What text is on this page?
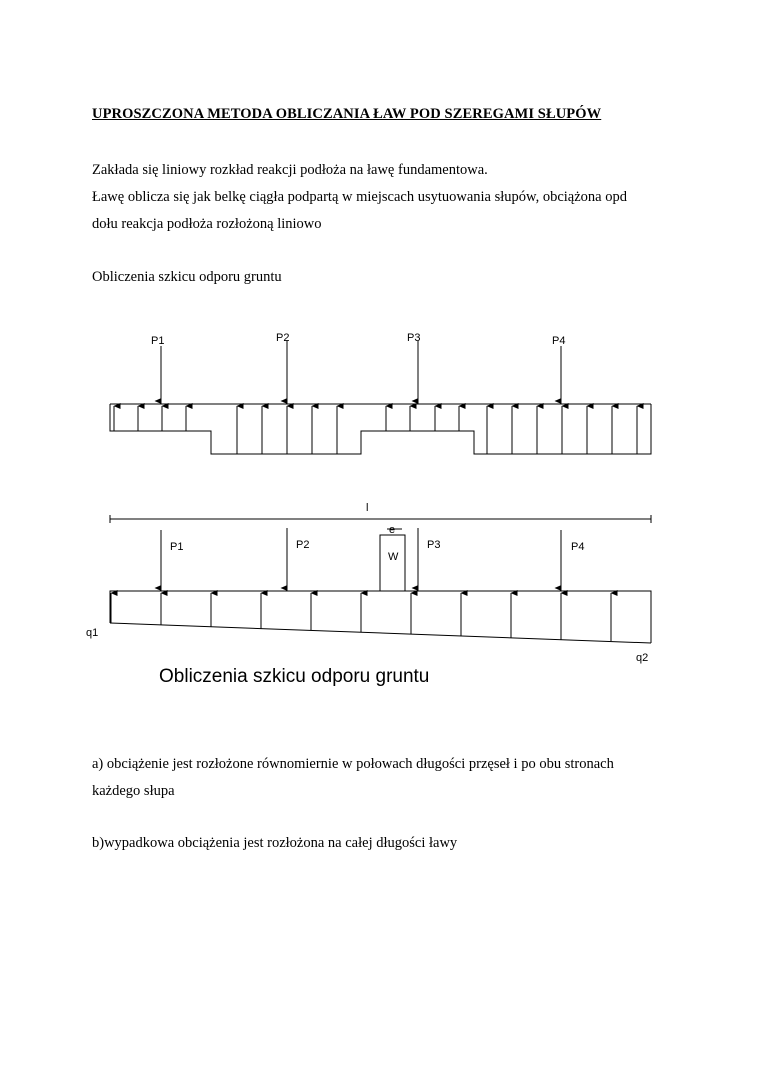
UPROSZCZONA METODA OBLICZANIA ŁAW POD SZEREGAMI SŁUPÓW
Zakłada się liniowy rozkład reakcji podłoża na ławę fundamentowa.
Ławę oblicza się jak belkę ciągła podpartą w miejscach usytuowania słupów, obciążona opd
dołu reakcja podłoża rozłożoną liniowo
Obliczenia szkicu odporu gruntu
P1	P2	P3	P4
l
e
W
P1	P2	P3	P4
q1
q2
Obliczenia szkicu odporu gruntu
a) obciążenie jest rozłożone równomiernie w połowach długości przęseł i po obu stronach
każdego słupa
b)wypadkowa obciążenia jest rozłożona na całej długości ławy
